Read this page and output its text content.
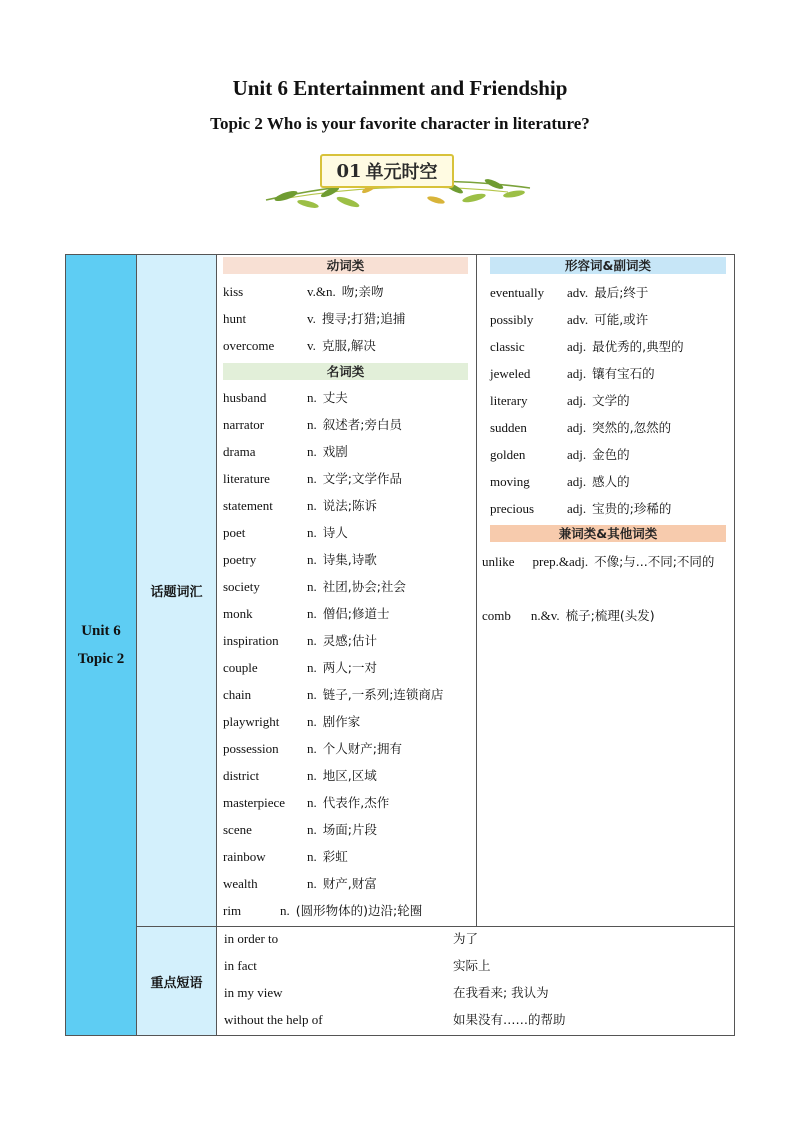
Unit 6 Entertainment and Friendship
Topic 2 Who is your favorite character in literature?
01 单元时空
Unit 6
Topic 2
话题词汇
重点短语
动词类
kiss	v.&n. 吻;亲吻
hunt	v. 搜寻;打猎;追捕
overcome	v. 克服,解决
名词类
husband	n. 丈夫
narrator	n. 叙述者;旁白员
drama	n. 戏剧
literature	n. 文学;文学作品
statement	n. 说法;陈诉
poet	n. 诗人
poetry	n. 诗集,诗歌
society	n. 社团,协会;社会
monk	n. 僧侣;修道士
inspiration n. 灵感;估计
couple	n. 两人;一对
chain	n. 链子,一系列;连锁商店
playwright n. 剧作家
possession n. 个人财产;拥有
district	n. 地区,区域
masterpiece n. 代表作,杰作
scene	n. 场面;片段
rainbow	n. 彩虹
wealth	n. 财产,财富
rim	n. (圆形物体的)边沿;轮圈
形容词&副词类
eventually adv. 最后;终于
possibly	adv. 可能,或许
classic	adj. 最优秀的,典型的
jeweled	adj. 镶有宝石的
literary	adj. 文学的
sudden	adj. 突然的,忽然的
golden	adj. 金色的
moving	adj. 感人的
precious	adj. 宝贵的;珍稀的
兼词类&其他词类
unlike prep.&adj. 不像;与...不同;不同的
comb n.&v. 梳子;梳理(头发)
in order to	为了
in fact	实际上
in my view	在我看来; 我认为
without the help of	如果没有……的帮助
